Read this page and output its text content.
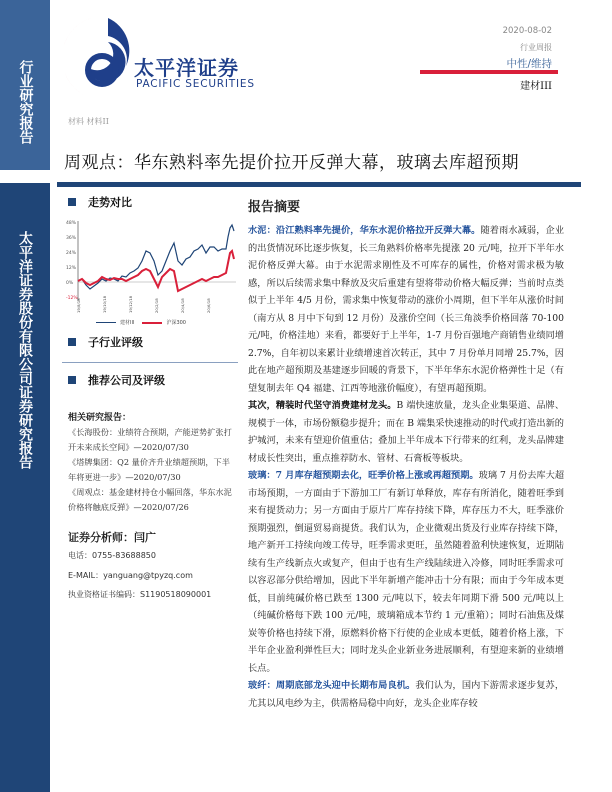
行业研究报告
太平洋证券股份有限公司证券研究报告
太平洋证券
PACIFIC SECURITIES
材料 材料II
2020-08-02
行业周报
中性/维持
建材III
周观点：华东熟料率先提价拉开反弹大幕，玻璃去库超预期
走势对比
48%
36%
24%
12%
0%
-12%
19/8/18	19/10/18	19/12/18	20/2/18	20/4/18	20/6/18
建材III	沪深300
子行业评级
推荐公司及评级
相关研究报告：
《长海股份：业绩符合预期，产能逆势扩张打开未来成长空间》—2020/07/30
《塔牌集团：Q2 量价齐升业绩超预期，下半年将更进一步》—2020/07/30
《周观点：基金建材持仓小幅回落，华东水泥价格将触底反弹》—2020/07/26
证券分析师：闫广
电话：0755-83688850
E-MAIL：yanguang@tpyzq.com
执业资格证书编码：S1190518090001
报告摘要

水泥：沿江熟料率先提价，华东水泥价格拉开反弹大幕。随着雨水减弱，企业的出货情况环比逐步恢复，长三角熟料价格率先提涨 20 元/吨，拉开下半年水泥价格反弹大幕。由于水泥需求刚性及不可库存的属性，价格对需求极为敏感，所以后续需求集中释放及灾后重建有望将带动价格大幅反弹；当前时点类似于上半年 4/5 月份，需求集中恢复带动的涨价小周期，但下半年从涨价时间（南方从 8 月中下旬到 12 月份）及涨价空间（长三角淡季价格回落 70-100 元/吨，价格洼地）来看，都要好于上半年，1-7 月份百强地产商销售业绩同增 2.7%，自年初以来累计业绩增速首次转正，其中 7 月份单月同增 25.7%，因此在地产超预期及基建逐步回暖的背景下，下半年华东水泥价格弹性十足（有望复制去年 Q4 福建、江西等地涨价幅度），有望再超预期。

其次，精装时代坚守消费建材龙头。B 端快速放量，龙头企业集渠道、品牌、规模于一体，市场份额稳步提升；而在 B 端集采快速推动的时代或打造出新的护城河，未来有望迎价值重估；叠加上半年成本下行带来的红利，龙头品牌建材成长性突出，重点推荐防水、管材、石膏板等板块。

玻璃：7 月库存超预期去化，旺季价格上涨或再超预期。玻璃 7 月份去库大超市场预期，一方面由于下游加工厂有新订单释放，库存有所消化，随着旺季到来有提货动力；另一方面由于原片厂库存持续下降，库存压力不大，旺季涨价预期强烈，倒逼贸易商提货。我们认为，企业微观出货及行业库存持续下降，地产新开工持续向竣工传导，旺季需求更旺，虽然随着盈利快速恢复，近期陆续有生产线新点火或复产，但由于也有生产线陆续进入冷修，同时旺季需求可以容忍部分供给增加，因此下半年新增产能冲击十分有限；而由于今年成本更低，目前纯碱价格已跌至 1300 元/吨以下，较去年同期下滑 500 元/吨以上（纯碱价格每下跌 100 元/吨，玻璃箱成本节约 1 元/重箱）；同时石油焦及煤炭等价格也持续下滑，原燃料价格下行使的企业成本更低，随着价格上涨，下半年企业盈利弹性巨大；同时龙头企业新业务进展顺利，有望迎来新的业绩增长点。

玻纤：周期底部龙头迎中长期布局良机。我们认为，国内下游需求逐步复苏，尤其以风电纱为主，供需格局稳中向好，龙头企业库存较
